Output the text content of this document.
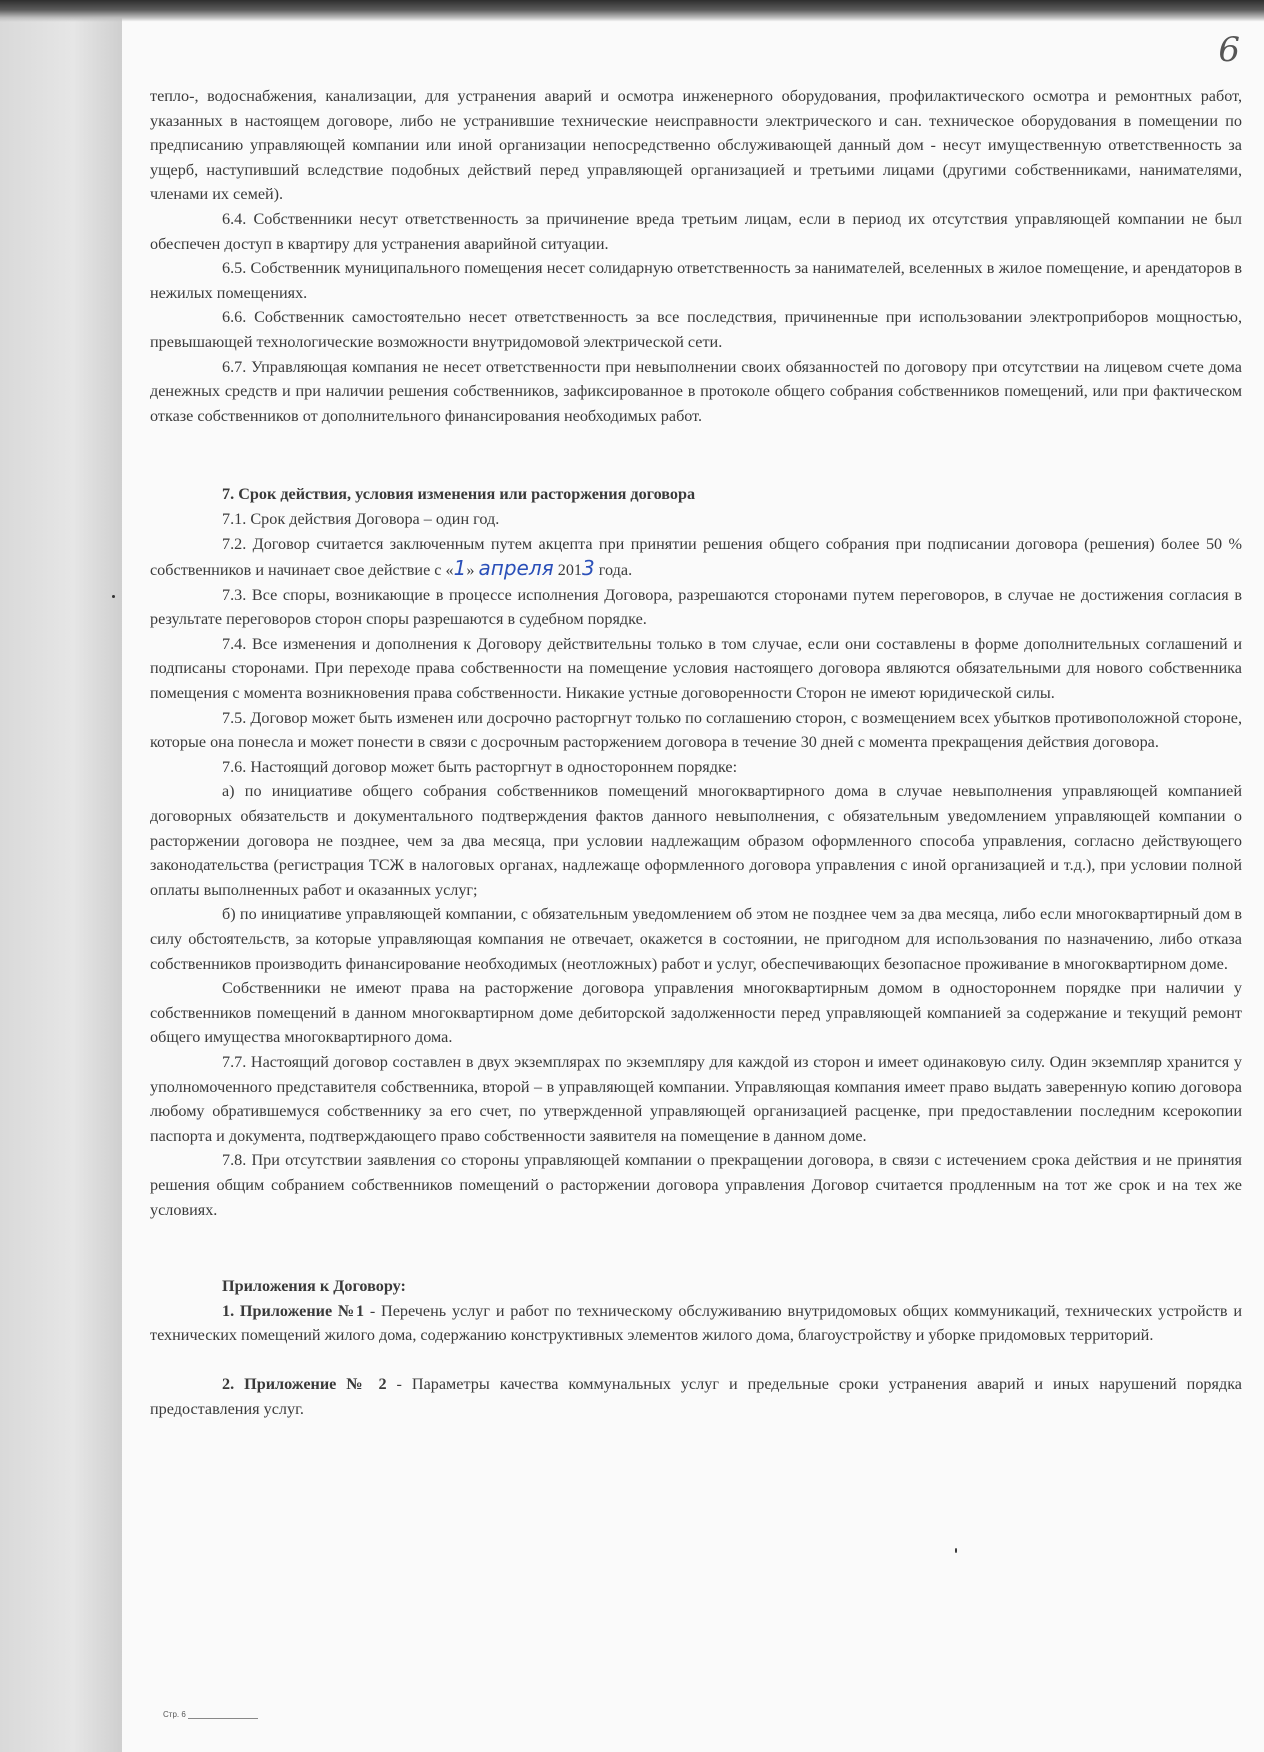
6

тепло-, водоснабжения, канализации, для устранения аварий и осмотра инженерного оборудования, профилактического осмотра и ремонтных работ, указанных в настоящем договоре, либо не устранившие технические неисправности электрического и сан. техническое оборудования в помещении по предписанию управляющей компании или иной организации непосредственно обслуживающей данный дом - несут имущественную ответственность за ущерб, наступивший вследствие подобных действий перед управляющей организацией и третьими лицами (другими собственниками, нанимателями, членами их семей).

6.4. Собственники несут ответственность за причинение вреда третьим лицам, если в период их отсутствия управляющей компании не был обеспечен доступ в квартиру для устранения аварийной ситуации.

6.5. Собственник муниципального помещения несет солидарную ответственность за нанимателей, вселенных в жилое помещение, и арендаторов в нежилых помещениях.

6.6. Собственник самостоятельно несет ответственность за все последствия, причиненные при использовании электроприборов мощностью, превышающей технологические возможности внутридомовой электрической сети.

6.7. Управляющая компания не несет ответственности при невыполнении своих обязанностей по договору при отсутствии на лицевом счете дома денежных средств и при наличии решения собственников, зафиксированное в протоколе общего собрания собственников помещений, или при фактическом отказе собственников от дополнительного финансирования необходимых работ.

7. Срок действия, условия изменения или расторжения договора

7.1. Срок действия Договора – один год.

7.2. Договор считается заключенным путем акцепта при принятии решения общего собрания при подписании договора (решения) более 50 % собственников и начинает свое действие с «1» апреля 2013 года.

7.3. Все споры, возникающие в процессе исполнения Договора, разрешаются сторонами путем переговоров, в случае не достижения согласия в результате переговоров сторон споры разрешаются в судебном порядке.

7.4. Все изменения и дополнения к Договору действительны только в том случае, если они составлены в форме дополнительных соглашений и подписаны сторонами. При переходе права собственности на помещение условия настоящего договора являются обязательными для нового собственника помещения с момента возникновения права собственности. Никакие устные договоренности Сторон не имеют юридической силы.

7.5. Договор может быть изменен или досрочно расторгнут только по соглашению сторон, с возмещением всех убытков противоположной стороне, которые она понесла и может понести в связи с досрочным расторжением договора в течение 30 дней с момента прекращения действия договора.

7.6. Настоящий договор может быть расторгнут в одностороннем порядке:

а) по инициативе общего собрания собственников помещений многоквартирного дома в случае невыполнения управляющей компанией договорных обязательств и документального подтверждения фактов данного невыполнения, с обязательным уведомлением управляющей компании о расторжении договора не позднее, чем за два месяца, при условии надлежащим образом оформленного способа управления, согласно действующего законодательства (регистрация ТСЖ в налоговых органах, надлежаще оформленного договора управления с иной организацией и т.д.), при условии полной оплаты выполненных работ и оказанных услуг;

б) по инициативе управляющей компании, с обязательным уведомлением об этом не позднее чем за два месяца, либо если многоквартирный дом в силу обстоятельств, за которые управляющая компания не отвечает, окажется в состоянии, не пригодном для использования по назначению, либо отказа собственников производить финансирование необходимых (неотложных) работ и услуг, обеспечивающих безопасное проживание в многоквартирном доме.

Собственники не имеют права на расторжение договора управления многоквартирным домом в одностороннем порядке при наличии у собственников помещений в данном многоквартирном доме дебиторской задолженности перед управляющей компанией за содержание и текущий ремонт общего имущества многоквартирного дома.

7.7. Настоящий договор составлен в двух экземплярах по экземпляру для каждой из сторон и имеет одинаковую силу. Один экземпляр хранится у уполномоченного представителя собственника, второй – в управляющей компании. Управляющая компания имеет право выдать заверенную копию договора любому обратившемуся собственнику за его счет, по утвержденной управляющей организацией расценке, при предоставлении последним ксерокопии паспорта и документа, подтверждающего право собственности заявителя на помещение в данном доме.

7.8. При отсутствии заявления со стороны управляющей компании о прекращении договора, в связи с истечением срока действия и не принятия решения общим собранием собственников помещений о расторжении договора управления Договор считается продленным на тот же срок и на тех же условиях.

Приложения к Договору:

1. Приложение №1 - Перечень услуг и работ по техническому обслуживанию внутридомовых общих коммуникаций, технических устройств и технических помещений жилого дома, содержанию конструктивных элементов жилого дома, благоустройству и уборке придомовых территорий.

2. Приложение № 2 - Параметры качества коммунальных услуг и предельные сроки устранения аварий и иных нарушений порядка предоставления услуг.

Стр. 6
